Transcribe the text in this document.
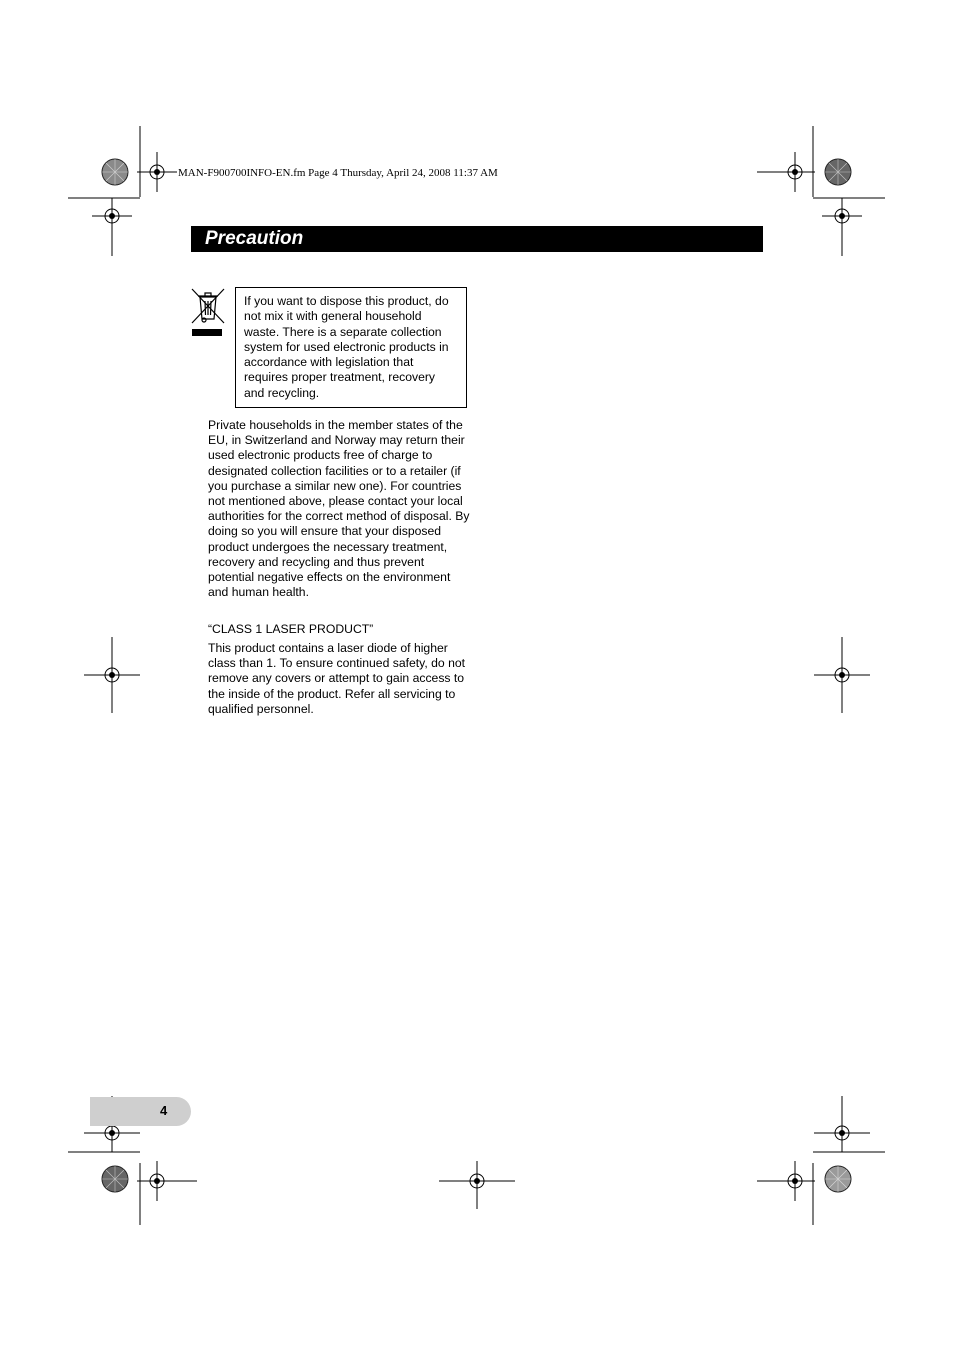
MAN-F900700INFO-EN.fm Page 4 Thursday, April 24, 2008 11:37 AM
Precaution
If you want to dispose this product, do not mix it with general household waste. There is a separate collection system for used electronic products in accordance with legislation that requires proper treatment, recovery and recycling.
Private households in the member states of the EU, in Switzerland and Norway may return their used electronic products free of charge to designated collection facilities or to a retailer (if you purchase a similar new one). For countries not mentioned above, please contact your local authorities for the correct method of disposal. By doing so you will ensure that your disposed product undergoes the necessary treatment, recovery and recycling and thus prevent potential negative effects on the environment and human health.
“CLASS 1 LASER PRODUCT”
This product contains a laser diode of higher class than 1. To ensure continued safety, do not remove any covers or attempt to gain access to the inside of the product. Refer all servicing to qualified personnel.
4
